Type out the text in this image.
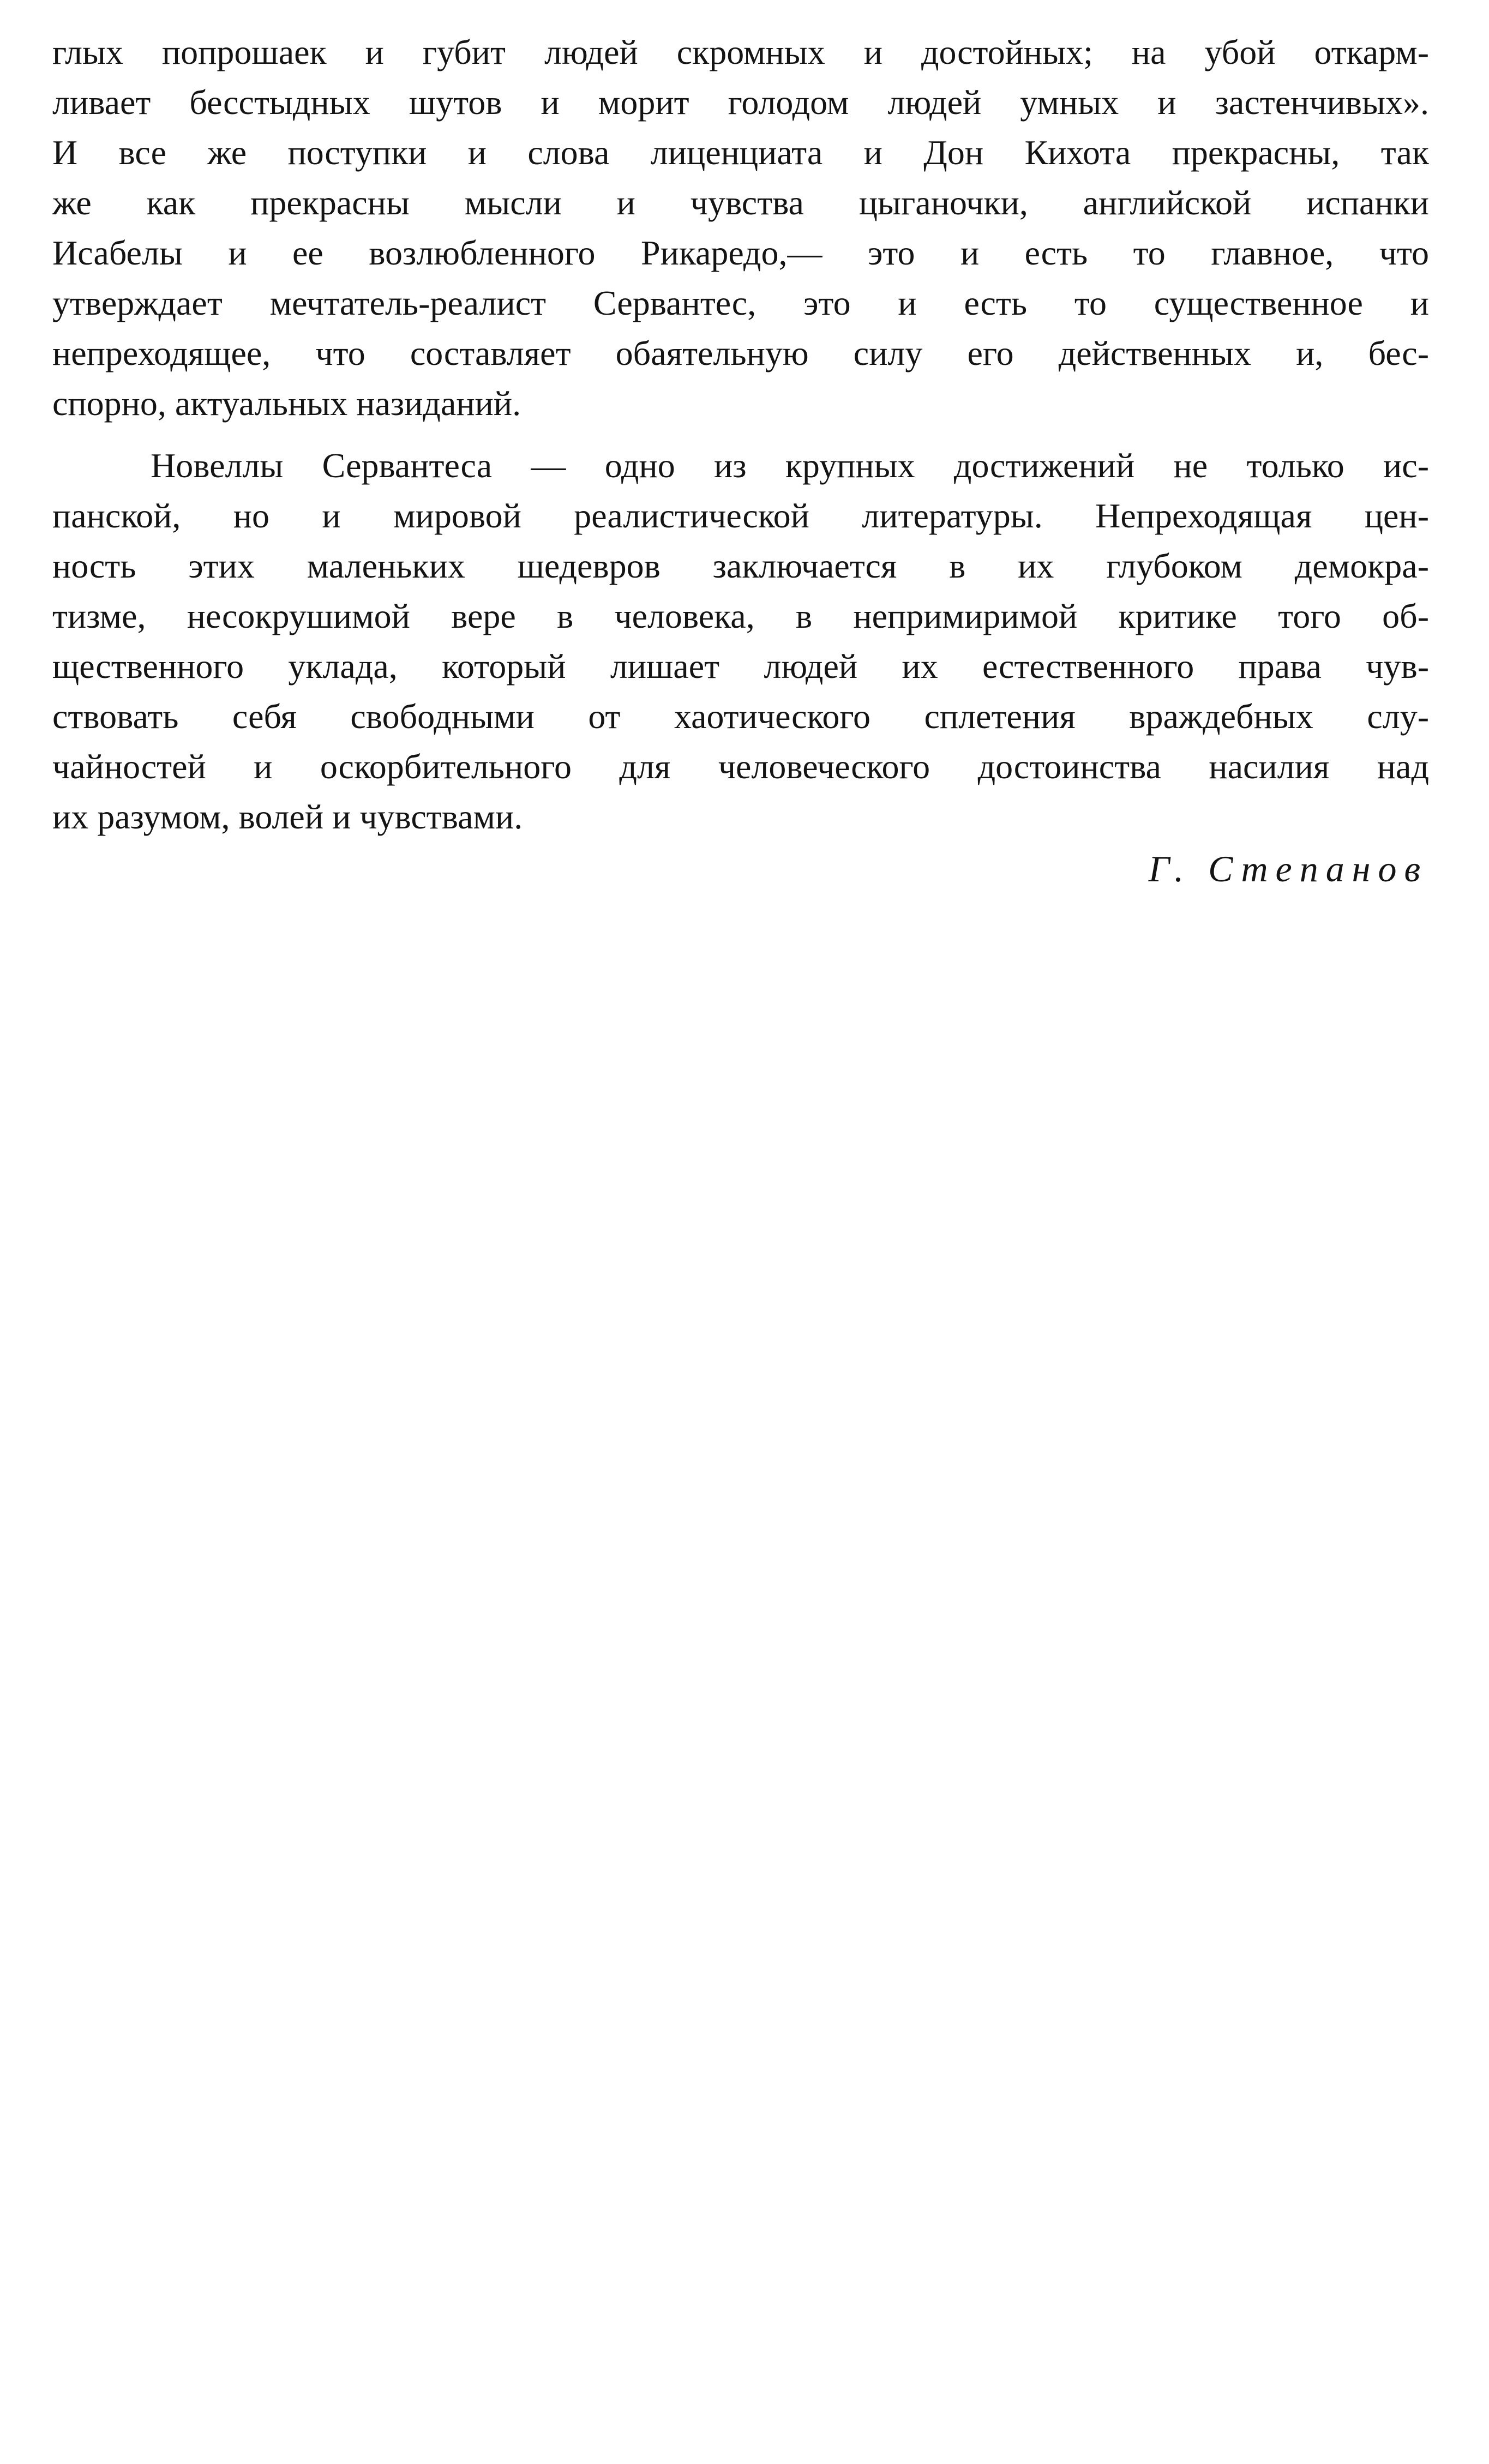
глых попрошаек и губит людей скромных и достойных; на убой откарм-
ливает бесстыдных шутов и морит голодом людей умных и застенчивых».
И все же поступки и слова лиценциата и Дон Кихота прекрасны, так
же как прекрасны мысли и чувства цыганочки, английской испанки
Исабелы и ее возлюбленного Рикаредо,— это и есть то главное, что
утверждает мечтатель-реалист Сервантес, это и есть то существенное и
непреходящее, что составляет обаятельную силу его действенных и, бес-
спорно, актуальных назиданий.
Новеллы Сервантеса — одно из крупных достижений не только ис-
панской, но и мировой реалистической литературы. Непреходящая цен-
ность этих маленьких шедевров заключается в их глубоком демокра-
тизме, несокрушимой вере в человека, в непримиримой критике того об-
щественного уклада, который лишает людей их естественного права чув-
ствовать себя свободными от хаотического сплетения враждебных слу-
чайностей и оскорбительного для человеческого достоинства насилия над
их разумом, волей и чувствами.
Г. Степанов
